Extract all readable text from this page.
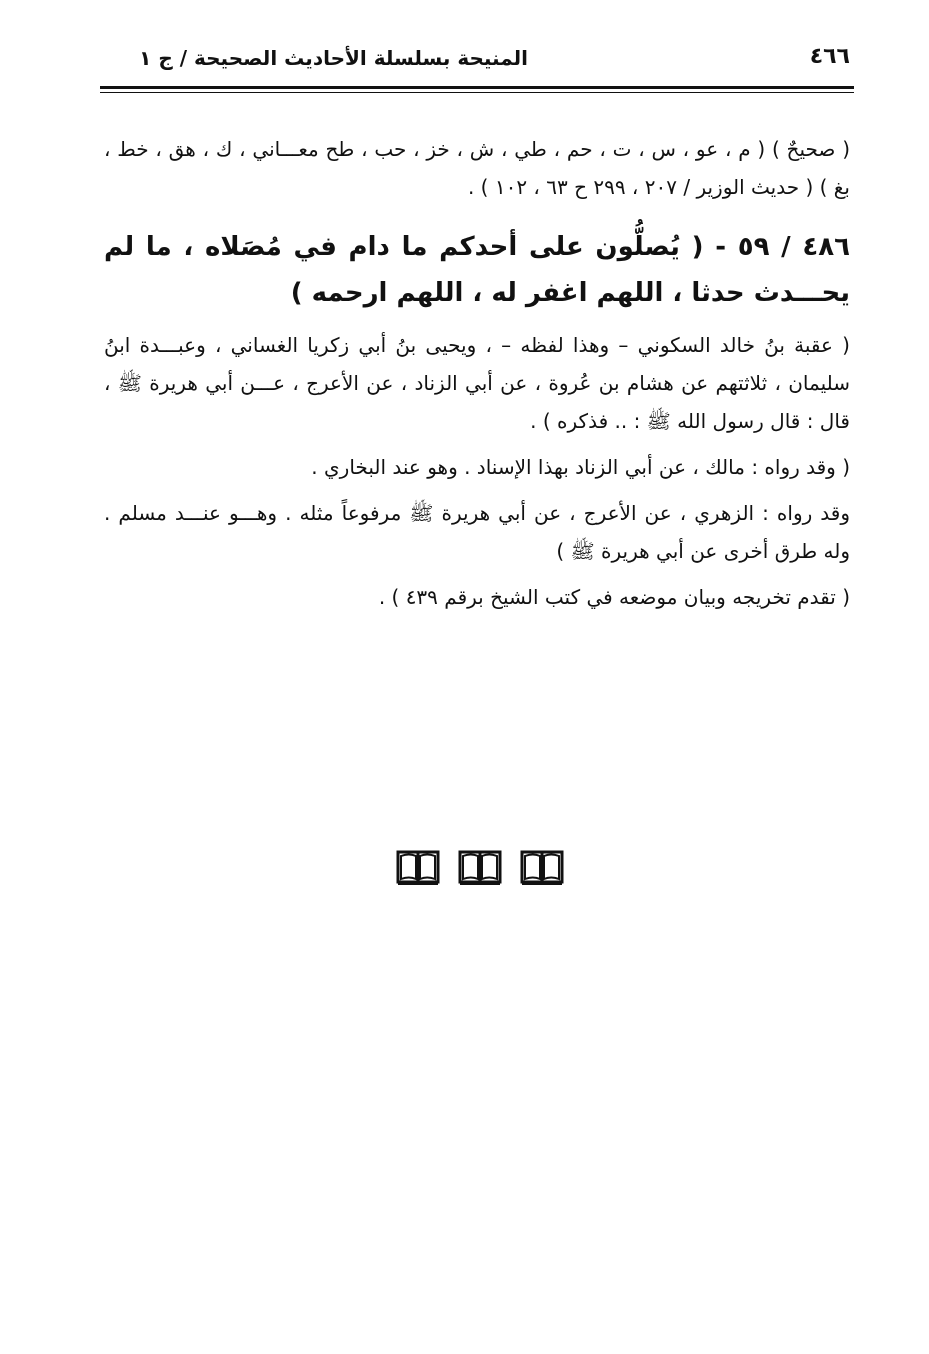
٤٦٦
المنيحة بسلسلة الأحاديث الصحيحة / ج ١

( صحيحٌ ) ( م ، عو ، س ، ت ، حم ، طي ، ش ، خز ، حب ، طح معـــاني ، ك ، هق ، خط ، بغ ) ( حديث الوزير / ٢٠٧ ، ٢٩٩ ح ٦٣ ، ١٠٢ ) .

٤٨٦ / ٥٩ - ( يُصلُّون على أحدكم ما دام في مُصَلاه ، ما لم يحـــدث حدثا ، اللهم اغفر له ، اللهم ارحمه )

( عقبة بنُ خالد السكوني – وهذا لفظه – ، ويحيى بنُ أبي زكريا الغساني ، وعبـــدة ابنُ سليمان ، ثلاثتهم عن هشام بن عُروة ، عن أبي الزناد ، عن الأعرج ، عـــن أبي هريرة ﷺ ، قال : قال رسول الله ﷺ : .. فذكره ) .

( وقد رواه : مالك ، عن أبي الزناد بهذا الإسناد . وهو عند البخاري .

وقد رواه : الزهري ، عن الأعرج ، عن أبي هريرة ﷺ مرفوعاً مثله . وهـــو عنـــد مسلم . وله طرق أخرى عن أبي هريرة ﷺ )

( تقدم تخريجه وبيان موضعه في كتب الشيخ برقم ٤٣٩ ) .
